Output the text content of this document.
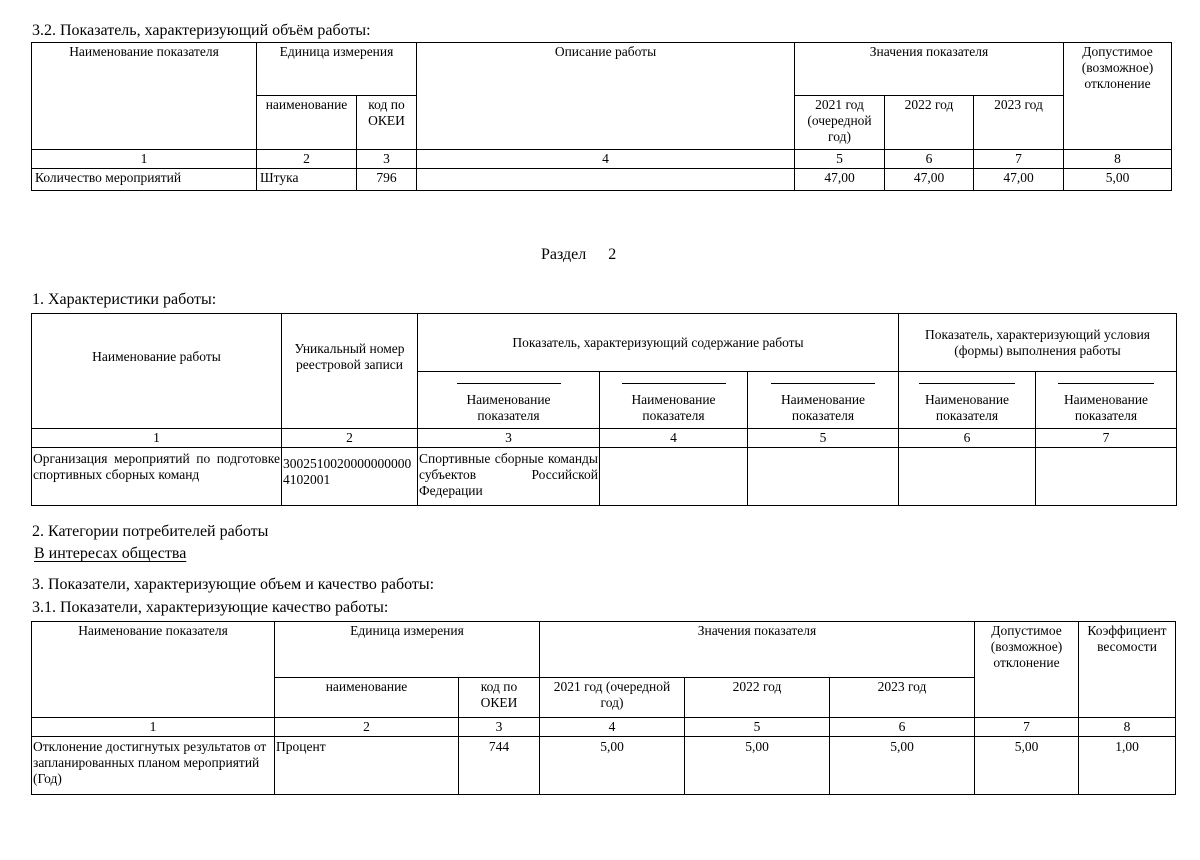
3.2. Показатель, характеризующий объём работы:
Наименование показателя	Единица измерения		Описание работы	Значения показателя			Допустимое (возможное) отклонение
	наименование	код по ОКЕИ		2021 год (очередной год)	2022 год	2023 год	
1	2	3	4	5	6	7	8
Количество мероприятий	Штука	796		47,00	47,00	47,00	5,00
Раздел 2
1. Характеристики работы:
Наименование работы	Уникальный номер реестровой записи	Показатель, характеризующий содержание работы			Показатель, характеризующий условия (формы) выполнения работы	
		Наименование показателя	Наименование показателя	Наименование показателя	Наименование показателя	Наименование показателя
1	2	3	4	5	6	7
Организация мероприятий по подготовке спортивных сборных команд	30025100200000000004102001	Спортивные сборные команды субъектов Российской Федерации				
2. Категории потребителей работы
В интересах общества
3. Показатели, характеризующие объем и качество работы:
3.1. Показатели, характеризующие качество работы:
Наименование показателя	Единица измерения		Значения показателя			Допустимое (возможное) отклонение	Коэффициент весомости
	наименование	код по ОКЕИ	2021 год (очередной год)	2022 год	2023 год		
1	2	3	4	5	6	7	8
Отклонение достигнутых результатов от запланированных планом мероприятий (Год)	Процент	744	5,00	5,00	5,00	5,00	1,00
